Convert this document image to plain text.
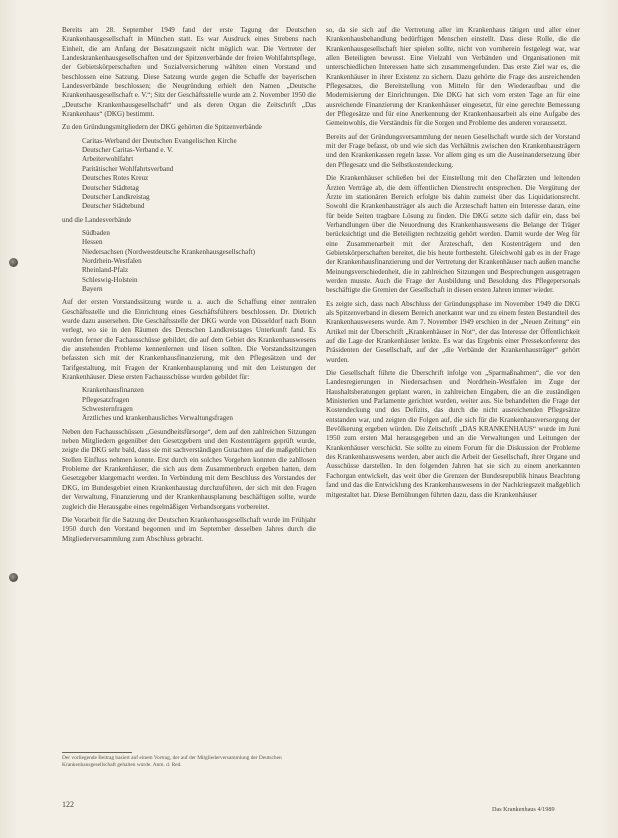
Bereits am 28. September 1949 fand der erste Tagung der Deutschen Krankenhausgesellschaft in München statt. Es war Ausdruck eines Strebens nach Einheit, die am Anfang der Besatzungszeit nicht möglich war. Die Vertreter der Landeskrankenhausgesellschaften und der Spitzenverbände der freien Wohlfahrtspflege, der Gebietskörperschaften und Sozialversicherung wählten einen Vorstand und beschlossen eine Satzung. Diese Satzung wurde gegen die Schaffe der bayerischen Landesverbände beschlossen; die Neugründung erhielt den Namen „Deutsche Krankenhausgesellschaft e. V.“; Sitz der Geschäftsstelle wurde am 2. November 1950 die „Deutsche Krankenhausgesellschaft“ und als deren Organ die Zeitschrift „Das Krankenhaus“ (DKG) bestimmt.

Zu den Gründungsmitgliedern der DKG gehörten die Spitzenverbände

Caritas-Werband der Deutschen Evangelischen Kirche
Deutscher Caritas-Verband e. V.
Arbeiterwohlfahrt
Paritätischer Wohlfahrtsverband
Deutsches Rotes Kreuz
Deutscher Städtetag
Deutscher Landkreistag
Deutscher Städtebund

und die Landesverbände

Südbaden
Hessen
Niedersachsen (Nordwestdeutsche Krankenhausgesellschaft)
Nordrhein-Westfalen
Rheinland-Pfalz
Schleswig-Holstein
Bayern

Auf der ersten Vorstandssitzung wurde u. a. auch die Schaffung einer zentralen Geschäftsstelle und die Einrichtung eines Geschäftsführers beschlossen. Dr. Dietrich wurde dazu ausersehen. Die Geschäftsstelle der DKG wurde von Düsseldorf nach Bonn verlegt, wo sie in den Räumen des Deutschen Landkreistages Unterkunft fand. Es wurden ferner die Fachausschüsse gebildet, die auf dem Gebiet des Krankenhauswesens die anstehenden Probleme kennenlernen und lösen sollten. Die Vorstandssitzungen befassten sich mit der Krankenhausfinanzierung, mit den Pflegesätzen und der Tarifgestaltung, mit Fragen der Krankenhausplanung und mit den Leistungen der Krankenhäuser. Diese ersten Fachausschüsse wurden gebildet für:

Krankenhausfinanzen
Pflegesatzfragen
Schwesternfragen
Ärztliches und krankenhausliches Verwaltungsfragen

Neben den Fachausschüssen „Gesundheitsfürsorge“, dem auf den zahlreichen Sitzungen neben Mitgliedern gegenüber den Gesetzgebern und den Kostenträgern geprüft wurde, zeigte die DKG sehr bald, dass sie mit sachverständigen Gutachten auf die maßgeblichen Stellen Einfluss nehmen konnte. Erst durch ein solches Vorgehen konnten die zahllosen Probleme der Krankenhäuser, die sich aus dem Zusammenbruch ergeben hatten, dem Gesetzgeber klargemacht werden. In Verbindung mit dem Beschluss des Vorstandes der DKG, im Bundesgebiet einen Krankenhaustag durchzuführen, der sich mit den Fragen der Verwaltung, Finanzierung und der Krankenhausplanung beschäftigen sollte, wurde zugleich die Herausgabe eines regelmäßigen Verbandsorgans vorbereitet.

Die Vorarbeit für die Satzung der Deutschen Krankenhausgesellschaft wurde im Frühjahr 1950 durch den Vorstand begonnen und im September desselben Jahres durch die Mitgliederversammlung zum Abschluss gebracht.

Der vorliegende Beitrag basiert auf einem Vortrag, der auf der Mitgliederversammlung der Deutschen Krankenhausgesellschaft gehalten wurde. Anm. d. Red.

so, da sie sich auf die Vertretung aller im Krankenhaus tätigen und aller einer Krankenhausbehandlung bedürftigen Menschen einstellt. Dass diese Rolle, die die Krankenhausgesellschaft hier spielen sollte, nicht von vornherein festgelegt war, war allen Beteiligten bewusst. Eine Vielzahl von Verbänden und Organisationen mit unterschiedlichen Interessen hatte sich zusammengefunden. Das erste Ziel war es, die Krankenhäuser in ihrer Existenz zu sichern. Dazu gehörte die Frage des ausreichenden Pflegesatzes, die Bereitstellung von Mitteln für den Wiederaufbau und die Modernisierung der Einrichtungen. Die DKG hat sich vom ersten Tage an für eine ausreichende Finanzierung der Krankenhäuser eingesetzt, für eine gerechte Bemessung der Pflegesätze und für eine Anerkennung der Krankenhausarbeit als eine Aufgabe des Gemeinwohls, die Verständnis für die Sorgen und Probleme des anderen voraussetzt.

Bereits auf der Gründungsversammlung der neuen Gesellschaft wurde sich der Vorstand mit der Frage befasst, ob und wie sich das Verhältnis zwischen den Krankenhausträgern und den Krankenkassen regeln lasse. Vor allem ging es um die Auseinandersetzung über den Pflegesatz und die Selbstkostendeckung.

Die Krankenhäuser schließen bei der Einstellung mit den Chefärzten und leitenden Ärzten Verträge ab, die dem öffentlichen Dienstrecht entsprechen. Die Vergütung der Ärzte im stationären Bereich erfolgte bis dahin zumeist über das Liquidationsrecht. Sowohl die Krankenhausträger als auch die Ärzteschaft hatten ein Interesse daran, eine für beide Seiten tragbare Lösung zu finden. Die DKG setzte sich dafür ein, dass bei Verhandlungen über die Neuordnung des Krankenhauswesens die Belange der Träger berücksichtigt und die Beteiligten rechtzeitig gehört werden. Damit wurde der Weg für eine Zusammenarbeit mit der Ärzteschaft, den Kostenträgern und den Gebietskörperschaften bereitet, die bis heute fortbesteht. Gleichwohl gab es in der Frage der Krankenhausfinanzierung und der Vertretung der Krankenhäuser nach außen manche Meinungsverschiedenheit, die in zahlreichen Sitzungen und Besprechungen ausgetragen werden musste. Auch die Frage der Ausbildung und Besoldung des Pflegepersonals beschäftigte die Gremien der Gesellschaft in diesen ersten Jahren immer wieder.

Es zeigte sich, dass nach Abschluss der Gründungsphase im November 1949 die DKG als Spitzenverband in diesem Bereich anerkannt war und zu einem festen Bestandteil des Krankenhauswesens wurde. Am 7. November 1949 erschien in der „Neuen Zeitung“ ein Artikel mit der Überschrift „Krankenhäuser in Not“, der das Interesse der Öffentlichkeit auf die Lage der Krankenhäuser lenkte. Es war das Ergebnis einer Pressekonferenz des Präsidenten der Gesellschaft, auf der „die Verbände der Krankenhausträger“ gehört wurden.

Die Gesellschaft führte die Überschrift infolge von „Sparmaßnahmen“, die vor den Landesregierungen in Niedersachsen und Nordrhein-Westfalen im Zuge der Haushaltsberatungen geplant waren, in zahlreichen Eingaben, die an die zuständigen Ministerien und Parlamente gerichtet wurden, weiter aus. Sie behandelten die Frage der Kostendeckung und des Defizits, das durch die nicht ausreichenden Pflegesätze entstanden war, und zeigten die Folgen auf, die sich für die Krankenhausversorgung der Bevölkerung ergeben würden. Die Zeitschrift „DAS KRANKENHAUS“ wurde im Juni 1950 zum ersten Mal herausgegeben und an die Verwaltungen und Leitungen der Krankenhäuser verschickt. Sie sollte zu einem Forum für die Diskussion der Probleme des Krankenhauswesens werden, aber auch die Arbeit der Gesellschaft, ihrer Organe und Ausschüsse darstellen. In den folgenden Jahren hat sie sich zu einem anerkannten Fachorgan entwickelt, das weit über die Grenzen der Bundesrepublik hinaus Beachtung fand und das die Entwicklung des Krankenhauswesens in der Nachkriegszeit maßgeblich mitgestaltet hat. Diese Bemühungen führten dazu, dass die Krankenhäuser

122
Das Krankenhaus 4/1989
